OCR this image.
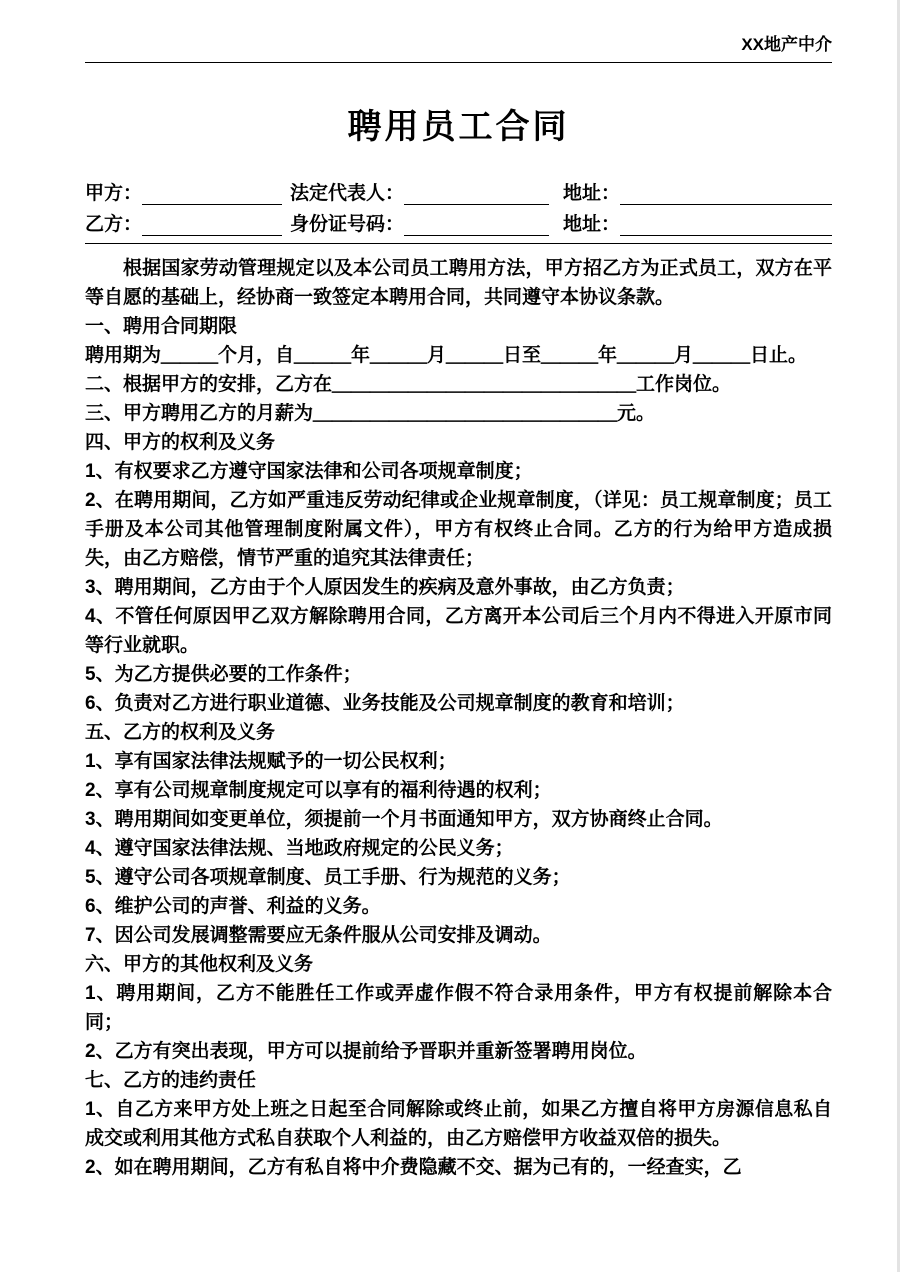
XX地产中介
聘用员工合同
甲方：	法定代表人：	地址：
乙方：	身份证号码：	地址：
根据国家劳动管理规定以及本公司员工聘用方法，甲方招乙方为正式员工，双方在平等自愿的基础上，经协商一致签定本聘用合同，共同遵守本协议条款。
一、聘用合同期限
聘用期为＿＿＿个月，自＿＿＿年＿＿＿月＿＿＿日至＿＿＿年＿＿＿月＿＿＿日止。
二、根据甲方的安排，乙方在＿＿＿＿＿＿＿＿＿＿＿＿＿＿＿＿工作岗位。
三、甲方聘用乙方的月薪为＿＿＿＿＿＿＿＿＿＿＿＿＿＿＿＿元。
四、甲方的权利及义务
1、有权要求乙方遵守国家法律和公司各项规章制度；
2、在聘用期间，乙方如严重违反劳动纪律或企业规章制度，（详见：员工规章制度；员工手册及本公司其他管理制度附属文件），甲方有权终止合同。乙方的行为给甲方造成损失，由乙方赔偿，情节严重的追究其法律责任；
3、聘用期间，乙方由于个人原因发生的疾病及意外事故，由乙方负责；
4、不管任何原因甲乙双方解除聘用合同，乙方离开本公司后三个月内不得进入开原市同等行业就职。
5、为乙方提供必要的工作条件；
6、负责对乙方进行职业道德、业务技能及公司规章制度的教育和培训；
五、乙方的权利及义务
1、享有国家法律法规赋予的一切公民权利；
2、享有公司规章制度规定可以享有的福利待遇的权利；
3、聘用期间如变更单位，须提前一个月书面通知甲方，双方协商终止合同。
4、遵守国家法律法规、当地政府规定的公民义务；
5、遵守公司各项规章制度、员工手册、行为规范的义务；
6、维护公司的声誉、利益的义务。
7、因公司发展调整需要应无条件服从公司安排及调动。
六、甲方的其他权利及义务
1、聘用期间，乙方不能胜任工作或弄虚作假不符合录用条件，甲方有权提前解除本合同；
2、乙方有突出表现，甲方可以提前给予晋职并重新签署聘用岗位。
七、乙方的违约责任
1、自乙方来甲方处上班之日起至合同解除或终止前，如果乙方擅自将甲方房源信息私自成交或利用其他方式私自获取个人利益的，由乙方赔偿甲方收益双倍的损失。
2、如在聘用期间，乙方有私自将中介费隐藏不交、据为己有的，一经查实，乙
